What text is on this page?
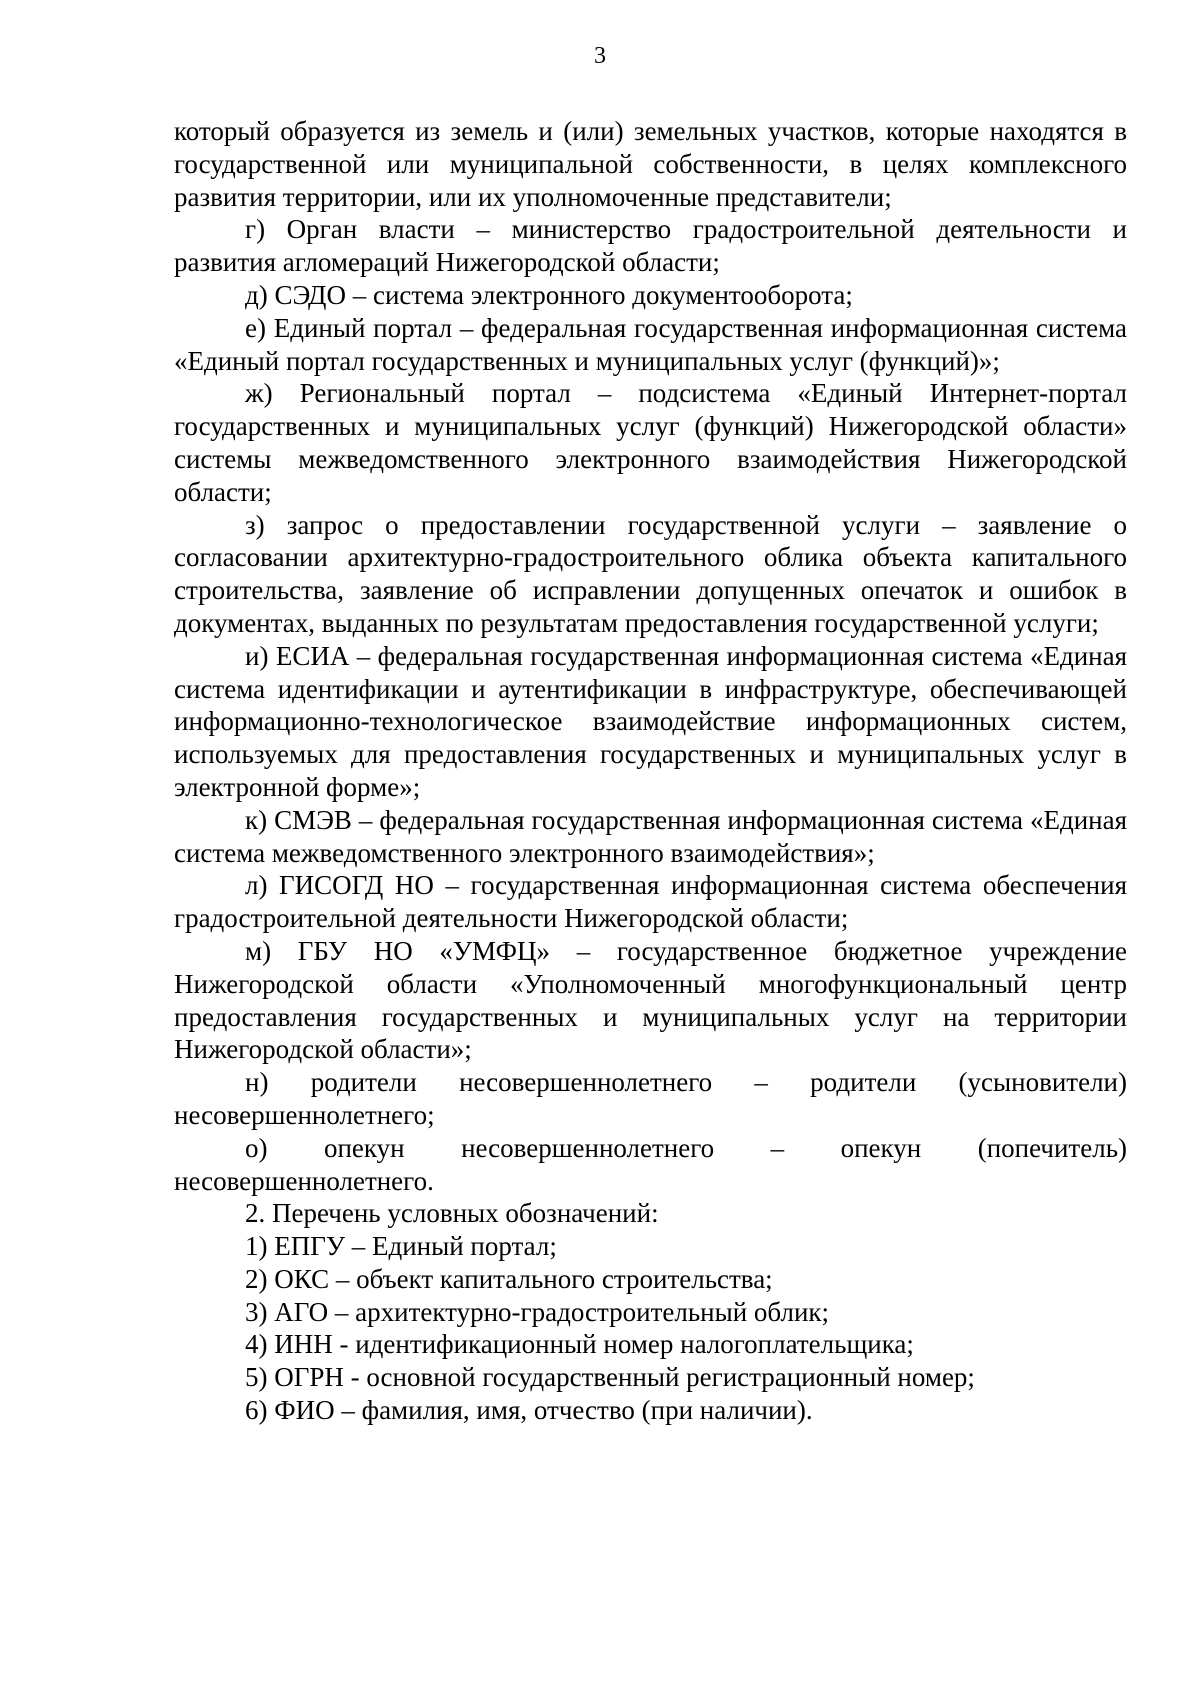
3

который образуется из земель и (или) земельных участков, которые находятся в государственной или муниципальной собственности, в целях комплексного развития территории, или их уполномоченные представители;

г) Орган власти – министерство градостроительной деятельности и развития агломераций Нижегородской области;

д) СЭДО – система электронного документооборота;

е) Единый портал – федеральная государственная информационная система «Единый портал государственных и муниципальных услуг (функций)»;

ж) Региональный портал – подсистема «Единый Интернет-портал государственных и муниципальных услуг (функций) Нижегородской области» системы межведомственного электронного взаимодействия Нижегородской области;

з) запрос о предоставлении государственной услуги – заявление о согласовании архитектурно-градостроительного облика объекта капитального строительства, заявление об исправлении допущенных опечаток и ошибок в документах, выданных по результатам предоставления государственной услуги;

и) ЕСИА – федеральная государственная информационная система «Единая система идентификации и аутентификации в инфраструктуре, обеспечивающей информационно-технологическое взаимодействие информационных систем, используемых для предоставления государственных и муниципальных услуг в электронной форме»;

к) СМЭВ – федеральная государственная информационная система «Единая система межведомственного электронного взаимодействия»;

л) ГИСОГД НО – государственная информационная система обеспечения градостроительной деятельности Нижегородской области;

м) ГБУ НО «УМФЦ» – государственное бюджетное учреждение Нижегородской области «Уполномоченный многофункциональный центр предоставления государственных и муниципальных услуг на территории Нижегородской области»;

н) родители несовершеннолетнего – родители (усыновители) несовершеннолетнего;

о) опекун несовершеннолетнего – опекун (попечитель) несовершеннолетнего.

2. Перечень условных обозначений:

1) ЕПГУ – Единый портал;

2) ОКС – объект капитального строительства;

3) АГО – архитектурно-градостроительный облик;

4) ИНН - идентификационный номер налогоплательщика;

5) ОГРН - основной государственный регистрационный номер;

6) ФИО – фамилия, имя, отчество (при наличии).
